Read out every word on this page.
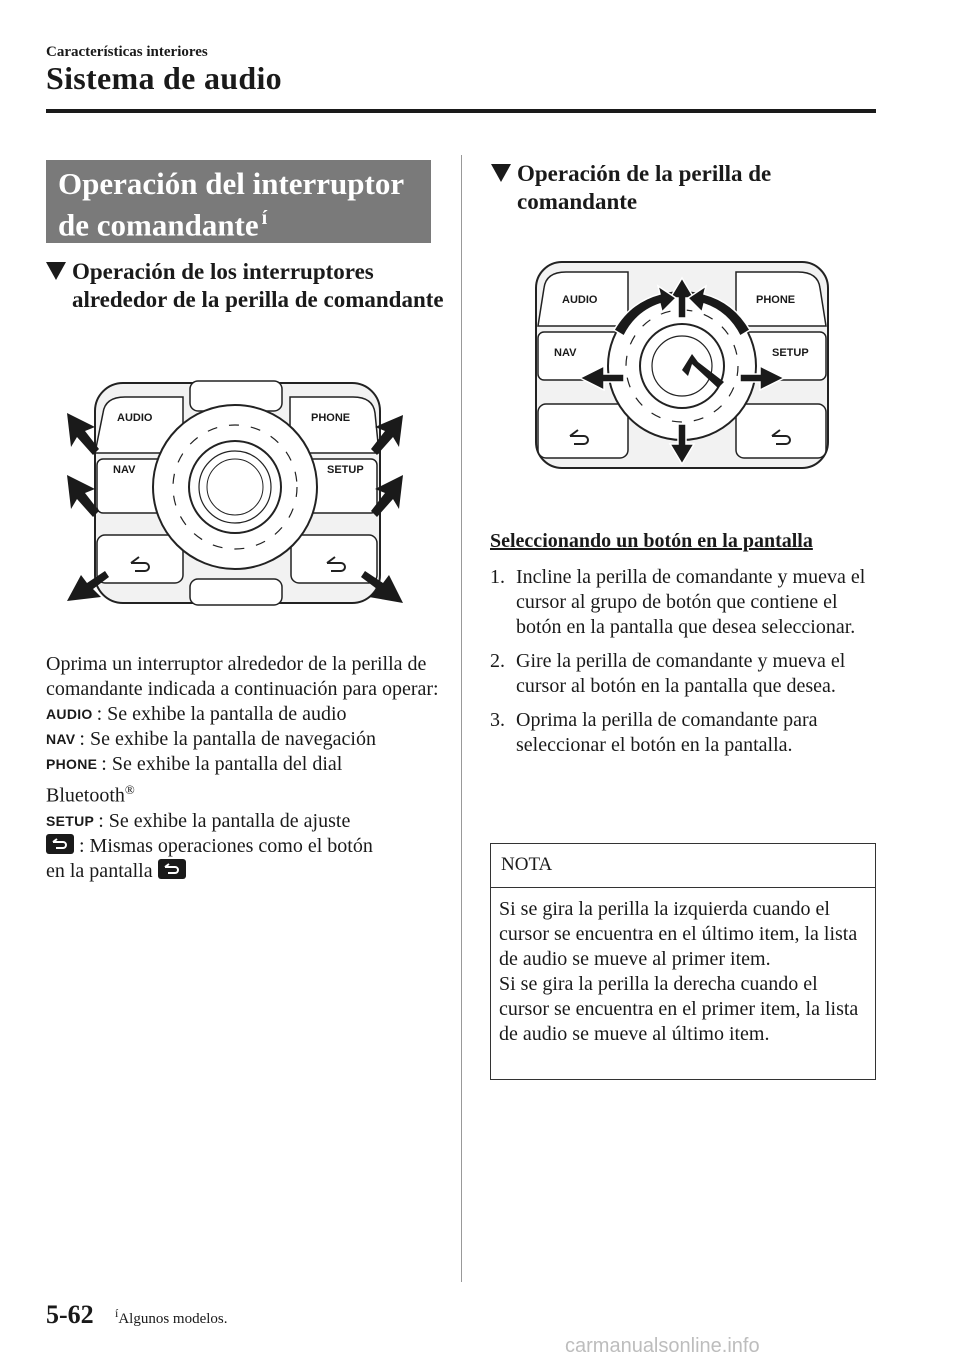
Características interiores
Sistema de audio
Operación del interruptor
de comandante $^í$
Operación de los interruptores alrededor de la perilla de comandante
AUDIO	PHONE
NAV	SETUP
Oprima un interruptor alrededor de la perilla de comandante indicada a continuación para operar:
AUDIO : Se exhibe la pantalla de audio
NAV : Se exhibe la pantalla de navegación
PHONE : Se exhibe la pantalla del dial
Bluetooth®
SETUP : Se exhibe la pantalla de ajuste
: Mismas operaciones como el botón
en la pantalla
Operación de la perilla de comandante
AUDIO	PHONE
NAV	SETUP
Seleccionando un botón en la pantalla
1. Incline la perilla de comandante y mueva el cursor al grupo de botón que contiene el botón en la pantalla que desea seleccionar.
2. Gire la perilla de comandante y mueva el cursor al botón en la pantalla que desea.
3. Oprima la perilla de comandante para seleccionar el botón en la pantalla.
NOTA
Si se gira la perilla la izquierda cuando el cursor se encuentra en el último item, la lista de audio se mueve al primer item.
Si se gira la perilla la derecha cuando el cursor se encuentra en el primer item, la lista de audio se mueve al último item.
5-62 $^í$Algunos modelos.
carmanualsonline.info
